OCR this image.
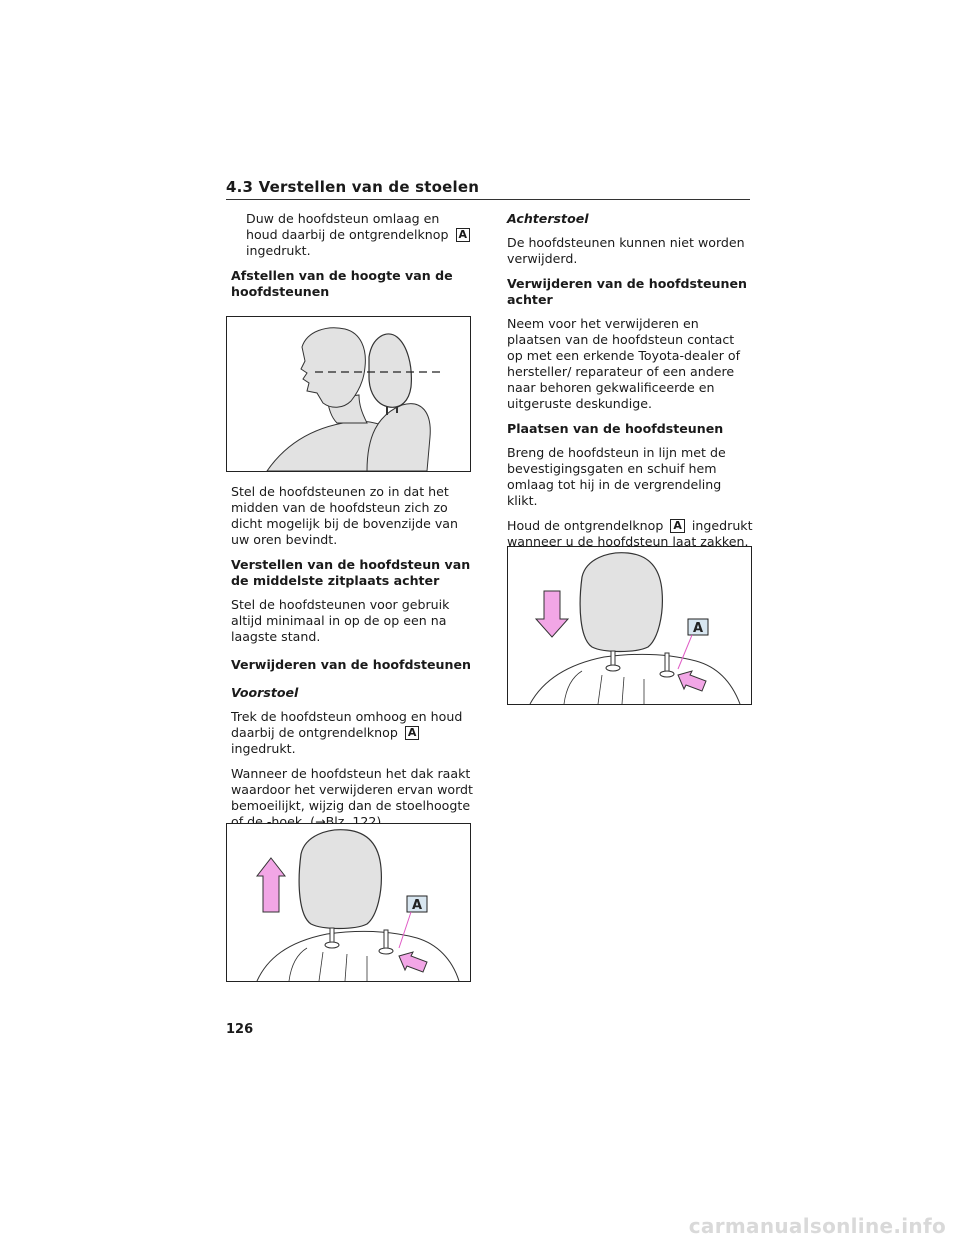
4.3 Verstellen van de stoelen

Duw de hoofdsteun omlaag en houd daarbij de ontgrendelknop A ingedrukt.

Afstellen van de hoogte van de hoofdsteunen

Stel de hoofdsteunen zo in dat het midden van de hoofdsteun zich zo dicht mogelijk bij de bovenzijde van uw oren bevindt.

Verstellen van de hoofdsteun van de middelste zitplaats achter

Stel de hoofdsteunen voor gebruik altijd minimaal in op de op een na laagste stand.

Verwijderen van de hoofdsteunen
Voorstoel

Trek de hoofdsteun omhoog en houd daarbij de ontgrendelknop A ingedrukt.

Wanneer de hoofdsteun het dak raakt waardoor het verwijderen ervan wordt bemoeilijkt, wijzig dan de stoelhoogte of de -hoek. (→Blz. 122)

A
Achterstoel

De hoofdsteunen kunnen niet worden verwijderd.

Verwijderen van de hoofdsteunen achter

Neem voor het verwijderen en plaatsen van de hoofdsteun contact op met een erkende Toyota-dealer of hersteller/ reparateur of een andere naar behoren gekwalificeerde en uitgeruste deskundige.

Plaatsen van de hoofdsteunen

Breng de hoofdsteun in lijn met de bevestigingsgaten en schuif hem omlaag tot hij in de vergrendeling klikt.

Houd de ontgrendelknop A ingedrukt wanneer u de hoofdsteun laat zakken.

A
126
carmanualsonline.info
